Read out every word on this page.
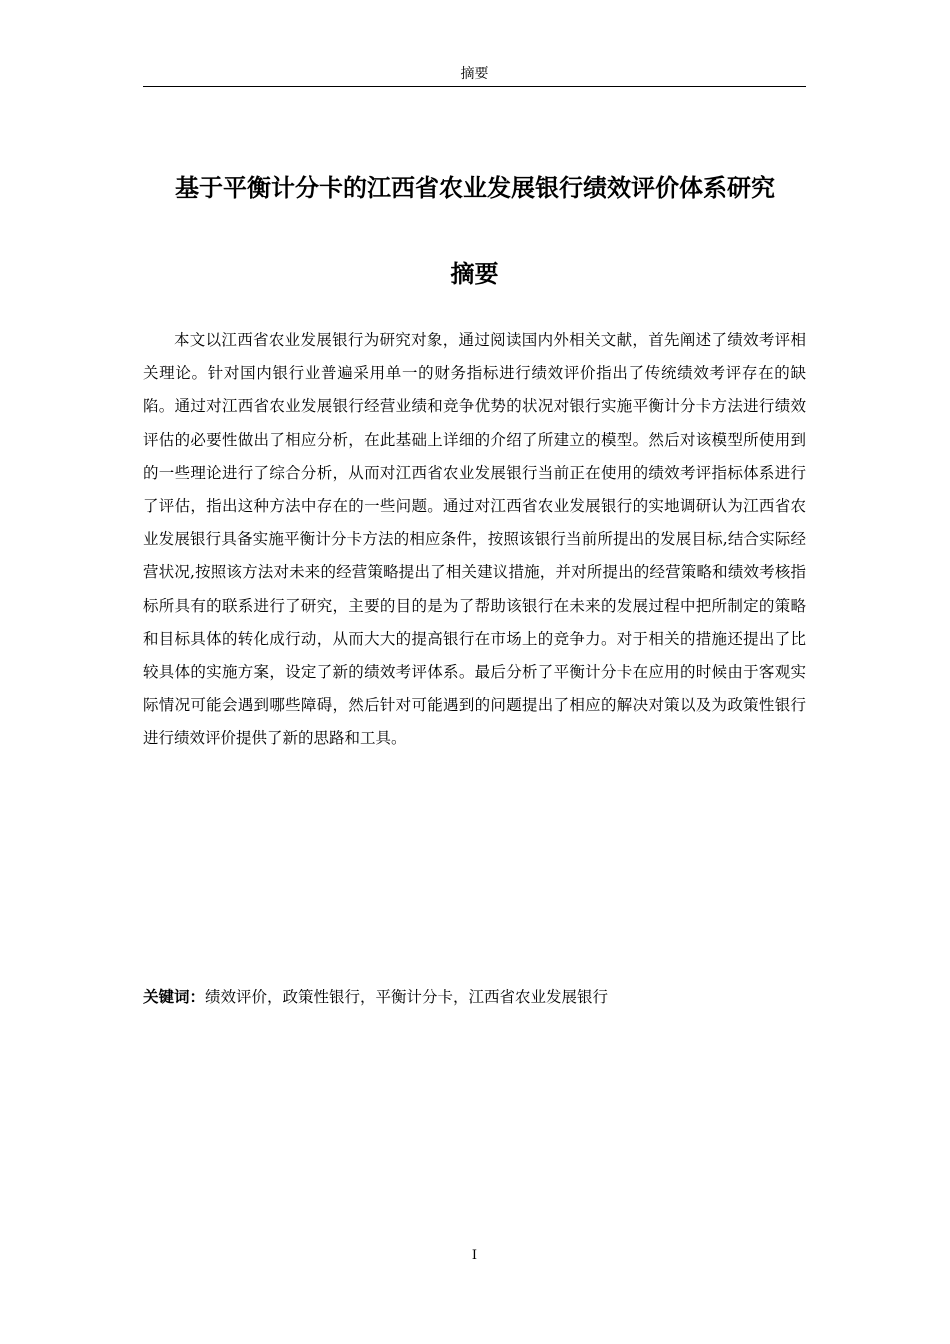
摘要
基于平衡计分卡的江西省农业发展银行绩效评价体系研究
摘要

本文以江西省农业发展银行为研究对象，通过阅读国内外相关文献，首先阐述了绩效考评相关理论。针对国内银行业普遍采用单一的财务指标进行绩效评价指出了传统绩效考评存在的缺陷。通过对江西省农业发展银行经营业绩和竞争优势的状况对银行实施平衡计分卡方法进行绩效评估的必要性做出了相应分析，在此基础上详细的介绍了所建立的模型。然后对该模型所使用到的一些理论进行了综合分析，从而对江西省农业发展银行当前正在使用的绩效考评指标体系进行了评估，指出这种方法中存在的一些问题。通过对江西省农业发展银行的实地调研认为江西省农业发展银行具备实施平衡计分卡方法的相应条件，按照该银行当前所提出的发展目标,结合实际经营状况,按照该方法对未来的经营策略提出了相关建议措施，并对所提出的经营策略和绩效考核指标所具有的联系进行了研究，主要的目的是为了帮助该银行在未来的发展过程中把所制定的策略和目标具体的转化成行动，从而大大的提高银行在市场上的竞争力。对于相关的措施还提出了比较具体的实施方案，设定了新的绩效考评体系。最后分析了平衡计分卡在应用的时候由于客观实际情况可能会遇到哪些障碍，然后针对可能遇到的问题提出了相应的解决对策以及为政策性银行进行绩效评价提供了新的思路和工具。

关键词：绩效评价，政策性银行，平衡计分卡，江西省农业发展银行
I
